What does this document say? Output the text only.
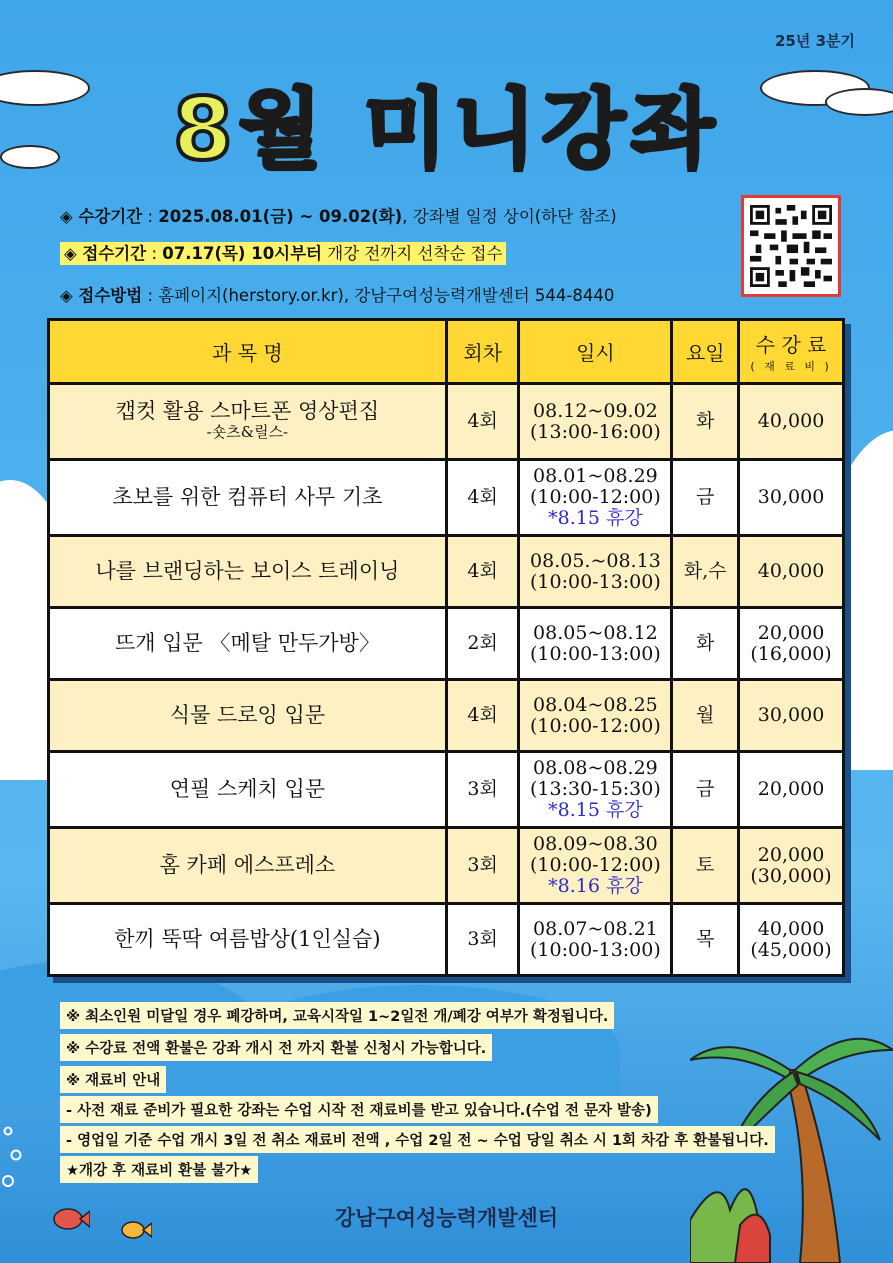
25년 3분기
8월 미니강좌
◈ 수강기간 : 2025.08.01(금) ~ 09.02(화), 강좌별 일정 상이(하단 참조)
◈ 접수기간 : 07.17(목) 10시부터 개강 전까지 선착순 접수
◈ 접수방법 : 홈페이지(herstory.or.kr), 강남구여성능력개발센터 544-8440
과 목 명	회차	일시	요일	수 강 료
( 재 료 비 )

캡컷 활용 스마트폰 영상편집
-숏츠&릴스-	4회	08.12~09.02
(13:00-16:00)	화	40,000

초보를 위한 컴퓨터 사무 기초	4회	08.01~08.29
(10:00-12:00)
*8.15 휴강	금	30,000

나를 브랜딩하는 보이스 트레이닝	4회	08.05.~08.13
(10:00-13:00)	화,수	40,000

뜨개 입문 〈메탈 만두가방〉	2회	08.05~08.12
(10:00-13:00)	화	20,000
(16,000)

식물 드로잉 입문	4회	08.04~08.25
(10:00-12:00)	월	30,000

연필 스케치 입문	3회	08.08~08.29
(13:30-15:30)
*8.15 휴강	금	20,000

홈 카페 에스프레소	3회	08.09~08.30
(10:00-12:00)
*8.16 휴강	토	20,000
(30,000)

한끼 뚝딱 여름밥상(1인실습)	3회	08.07~08.21
(10:00-13:00)	목	40,000
(45,000)
※ 최소인원 미달일 경우 폐강하며, 교육시작일 1~2일전 개/폐강 여부가 확정됩니다.
※ 수강료 전액 환불은 강좌 개시 전 까지 환불 신청시 가능합니다.
※ 재료비 안내
- 사전 재료 준비가 필요한 강좌는 수업 시작 전 재료비를 받고 있습니다.(수업 전 문자 발송)
- 영업일 기준 수업 개시 3일 전 취소 재료비 전액 , 수업 2일 전 ~ 수업 당일 취소 시 1회 차감 후 환불됩니다.
★개강 후 재료비 환불 불가★
강남구여성능력개발센터
